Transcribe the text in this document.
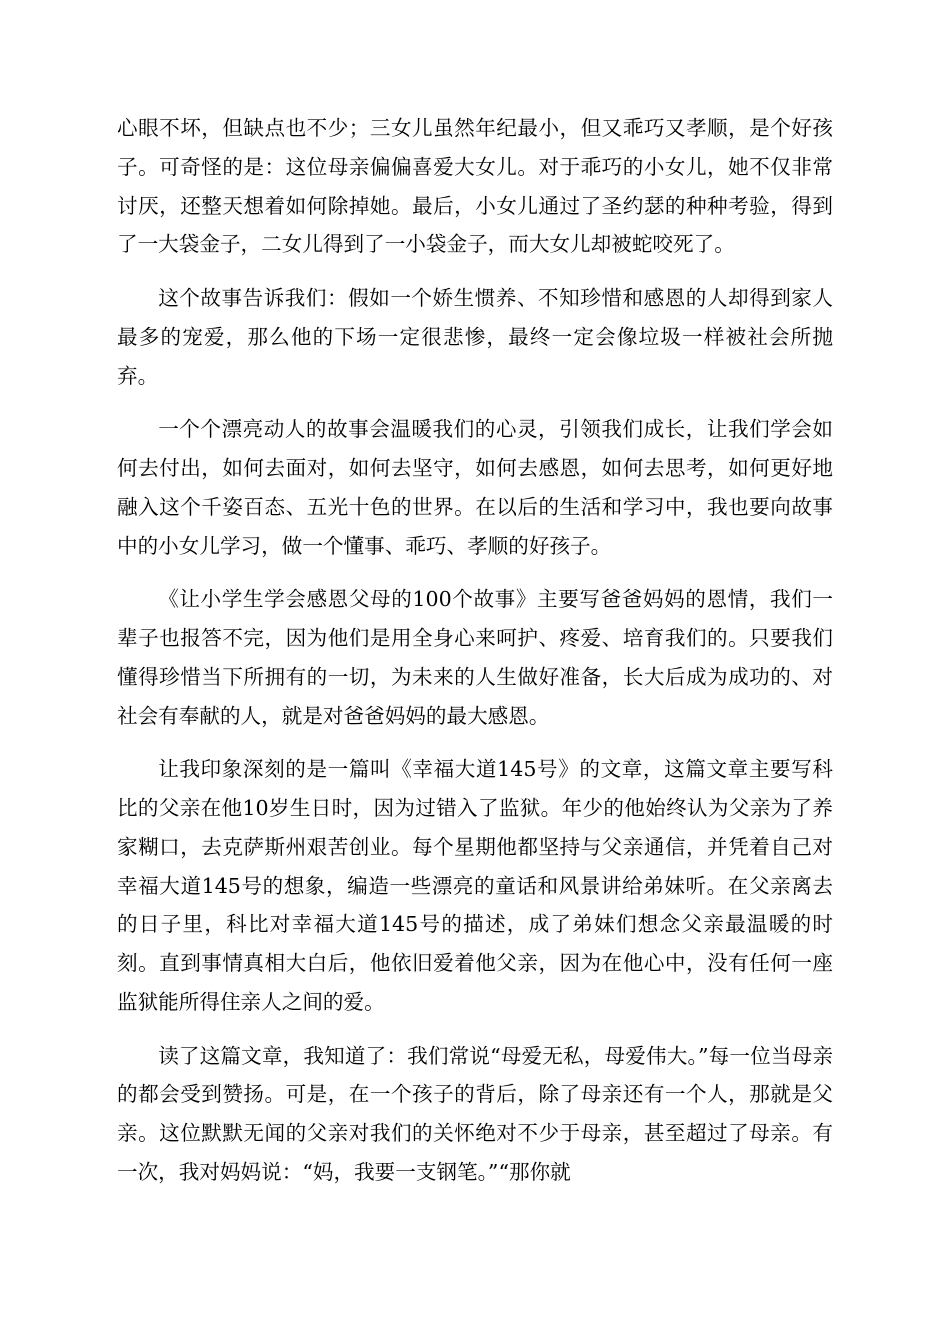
心眼不坏，但缺点也不少；三女儿虽然年纪最小，但又乖巧又孝顺，是个好孩子。可奇怪的是：这位母亲偏偏喜爱大女儿。对于乖巧的小女儿，她不仅非常讨厌，还整天想着如何除掉她。最后，小女儿通过了圣约瑟的种种考验，得到了一大袋金子，二女儿得到了一小袋金子，而大女儿却被蛇咬死了。

这个故事告诉我们：假如一个娇生惯养、不知珍惜和感恩的人却得到家人最多的宠爱，那么他的下场一定很悲惨，最终一定会像垃圾一样被社会所抛弃。

一个个漂亮动人的故事会温暖我们的心灵，引领我们成长，让我们学会如何去付出，如何去面对，如何去坚守，如何去感恩，如何去思考，如何更好地融入这个千姿百态、五光十色的世界。在以后的生活和学习中，我也要向故事中的小女儿学习，做一个懂事、乖巧、孝顺的好孩子。

《让小学生学会感恩父母的100个故事》主要写爸爸妈妈的恩情，我们一辈子也报答不完，因为他们是用全身心来呵护、疼爱、培育我们的。只要我们懂得珍惜当下所拥有的一切，为未来的人生做好准备，长大后成为成功的、对社会有奉献的人，就是对爸爸妈妈的最大感恩。

让我印象深刻的是一篇叫《幸福大道145号》的文章，这篇文章主要写科比的父亲在他10岁生日时，因为过错入了监狱。年少的他始终认为父亲为了养家糊口，去克萨斯州艰苦创业。每个星期他都坚持与父亲通信，并凭着自己对幸福大道145号的想象，编造一些漂亮的童话和风景讲给弟妹听。在父亲离去的日子里，科比对幸福大道145号的描述，成了弟妹们想念父亲最温暖的时刻。直到事情真相大白后，他依旧爱着他父亲，因为在他心中，没有任何一座监狱能所得住亲人之间的爱。

读了这篇文章，我知道了：我们常说“母爱无私，母爱伟大。”每一位当母亲的都会受到赞扬。可是，在一个孩子的背后，除了母亲还有一个人，那就是父亲。这位默默无闻的父亲对我们的关怀绝对不少于母亲，甚至超过了母亲。有一次，我对妈妈说：“妈，我要一支钢笔。”“那你就
